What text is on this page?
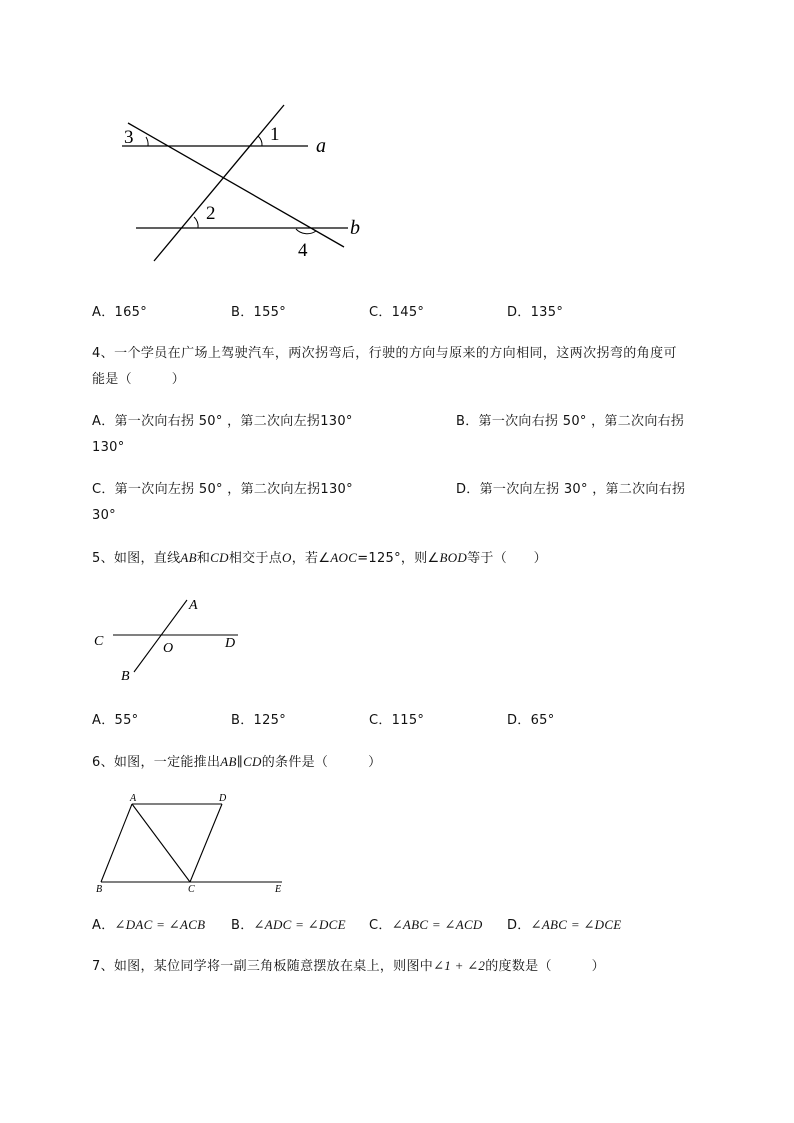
3	1
a
2
b
4
A．165°	B．155°	C．145°	D．135°
4、一个学员在广场上驾驶汽车，两次拐弯后，行驶的方向与原来的方向相同，这两次拐弯的角度可
能是（　　　）
A．第一次向右拐 50° ，第二次向左拐130°	B．第一次向右拐 50° ，第二次向右拐
130°
C．第一次向左拐 50° ，第二次向左拐130°	D．第一次向左拐 30° ，第二次向右拐
30°
5、如图，直线AB和CD相交于点O，若∠AOC=125°，则∠BOD等于（　　）
A
C	O	D
B
A．55°	B．125°	C．115°	D．65°
6、如图，一定能推出AB∥CD的条件是（　　　）
A	D
B	C	E
A．∠DAC = ∠ACB B．∠ADC = ∠DCE C．∠ABC = ∠ACD D．∠ABC = ∠DCE
7、如图，某位同学将一副三角板随意摆放在桌上，则图中∠1 + ∠2的度数是（　　　）
